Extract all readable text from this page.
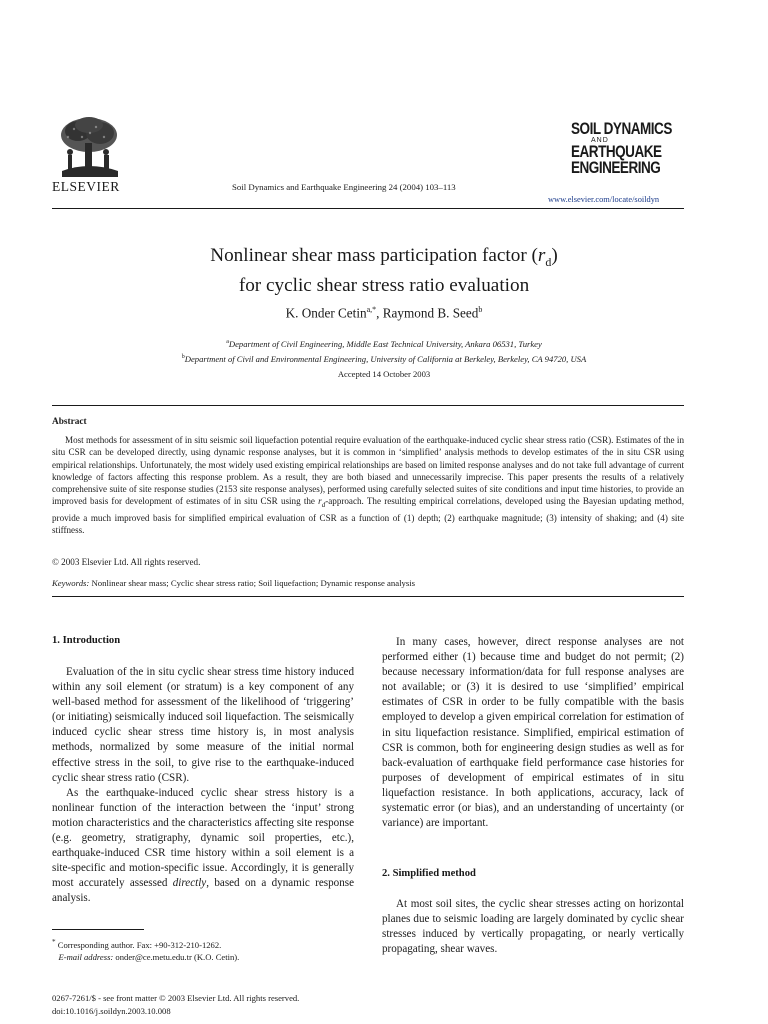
ELSEVIER	Soil Dynamics and Earthquake Engineering 24 (2004) 103–113
SOIL DYNAMICS
AND
EARTHQUAKE
ENGINEERING
www.elsevier.com/locate/soildyn
Nonlinear shear mass participation factor $(r_d)$
for cyclic shear stress ratio evaluation
K. Onder Cetin$^{a,*}$, Raymond B. Seed$^b$
$^a$Department of Civil Engineering, Middle East Technical University, Ankara 06531, Turkey
$^b$Department of Civil and Environmental Engineering, University of California at Berkeley, Berkeley, CA 94720, USA
Accepted 14 October 2003
Abstract

Most methods for assessment of in situ seismic soil liquefaction potential require evaluation of the earthquake-induced cyclic shear stress ratio (CSR). Estimates of the in situ CSR can be developed directly, using dynamic response analyses, but it is common in ‘simplified’ analysis methods to develop estimates of the in situ CSR using empirical relationships. Unfortunately, the most widely used existing empirical relationships are based on limited response analyses and do not take full advantage of current knowledge of factors affecting this response problem. As a result, they are both biased and unnecessarily imprecise. This paper presents the results of a relatively comprehensive suite of site response studies (2153 site response analyses), performed using carefully selected suites of site conditions and input time histories, to provide an improved basis for development of estimates of in situ CSR using the $r_d$-approach. The resulting empirical correlations, developed using the Bayesian updating method, provide a much improved basis for simplified empirical evaluation of CSR as a function of (1) depth; (2) earthquake magnitude; (3) intensity of shaking; and (4) site stiffness.

© 2003 Elsevier Ltd. All rights reserved.
Keywords: Nonlinear shear mass; Cyclic shear stress ratio; Soil liquefaction; Dynamic response analysis
1. Introduction

Evaluation of the in situ cyclic shear stress time history induced within any soil element (or stratum) is a key component of any well-based method for assessment of the likelihood of ‘triggering’ (or initiating) seismically induced soil liquefaction. The seismically induced cyclic shear stress time history is, in most analysis methods, normalized by some measure of the initial normal effective stress in the soil, to give rise to the earthquake-induced cyclic shear stress ratio (CSR).

As the earthquake-induced cyclic shear stress history is a nonlinear function of the interaction between the ‘input’ strong motion characteristics and the characteristics affecting site response (e.g. geometry, stratigraphy, dynamic soil properties, etc.), earthquake-induced CSR time history within a soil element is a site-specific and motion-specific issue. Accordingly, it is generally most accurately assessed directly, based on a dynamic response analysis.

* Corresponding author. Fax: +90-312-210-1262.
E-mail address: onder@ce.metu.edu.tr (K.O. Cetin).
0267-7261/$ - see front matter © 2003 Elsevier Ltd. All rights reserved.
doi:10.1016/j.soildyn.2003.10.008

In many cases, however, direct response analyses are not performed either (1) because time and budget do not permit; (2) because necessary information/data for full response analyses are not available; or (3) it is desired to use ‘simplified’ empirical estimates of CSR in order to be fully compatible with the basis employed to develop a given empirical correlation for estimation of in situ liquefaction resistance. Simplified, empirical estimation of CSR is common, both for engineering design studies as well as for back-evaluation of earthquake field performance case histories for purposes of development of empirical estimates of in situ liquefaction resistance. In both applications, accuracy, lack of systematic error (or bias), and an understanding of uncertainty (or variance) are important.

2. Simplified method

At most soil sites, the cyclic shear stresses acting on horizontal planes due to seismic loading are largely dominated by cyclic shear stresses induced by vertically propagating, or nearly vertically propagating, shear waves.
